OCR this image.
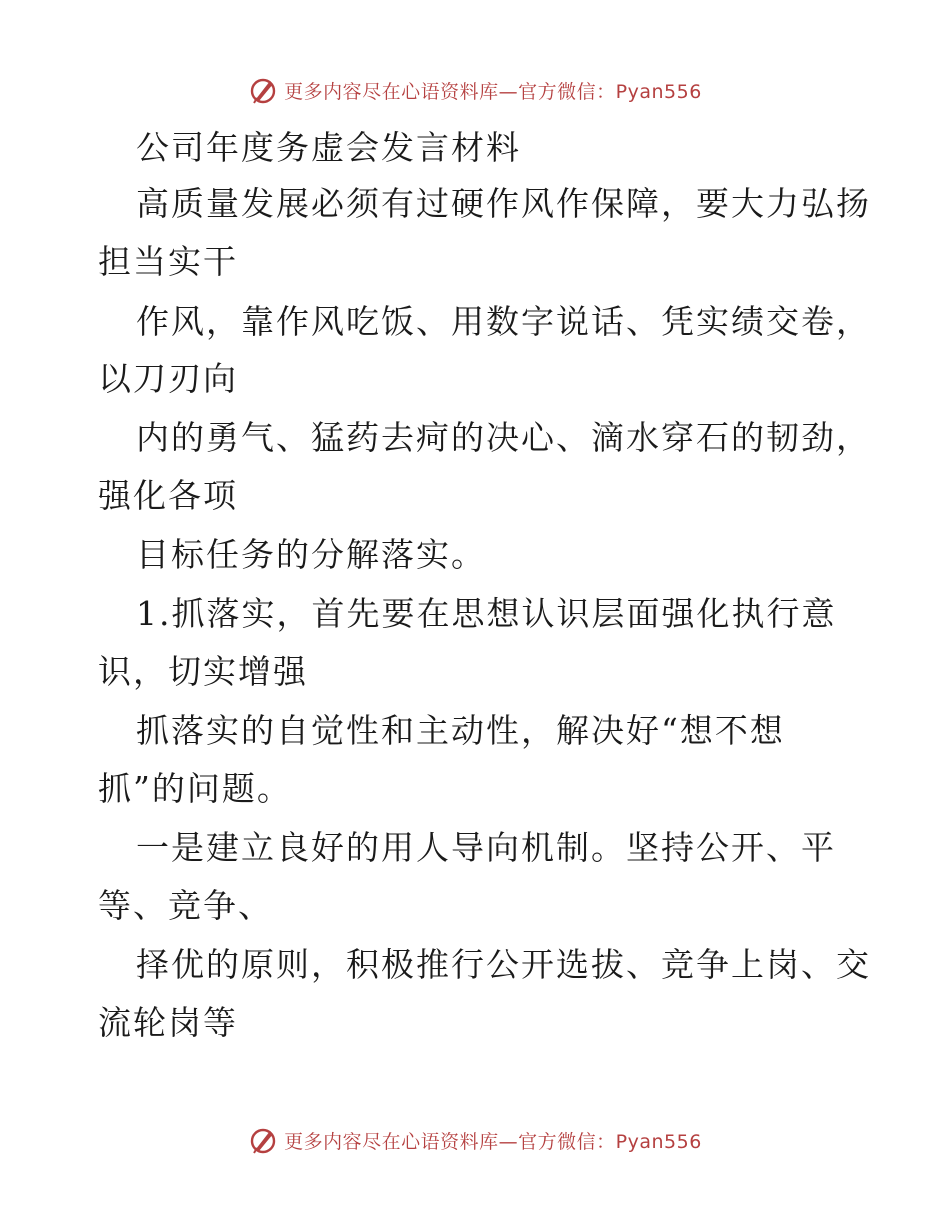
更多内容尽在心语资料库—官方微信：Pyan556
公司年度务虚会发言材料
高质量发展必须有过硬作风作保障，要大力弘扬
担当实干
作风，靠作风吃饭、用数字说话、凭实绩交卷，
以刀刃向
内的勇气、猛药去疴的决心、滴水穿石的韧劲，
强化各项
目标任务的分解落实。
1.抓落实，首先要在思想认识层面强化执行意
识，切实增强
抓落实的自觉性和主动性，解决好“想不想
抓”的问题。
一是建立良好的用人导向机制。坚持公开、平
等、竞争、
择优的原则，积极推行公开选拔、竞争上岗、交
流轮岗等
更多内容尽在心语资料库—官方微信：Pyan556
